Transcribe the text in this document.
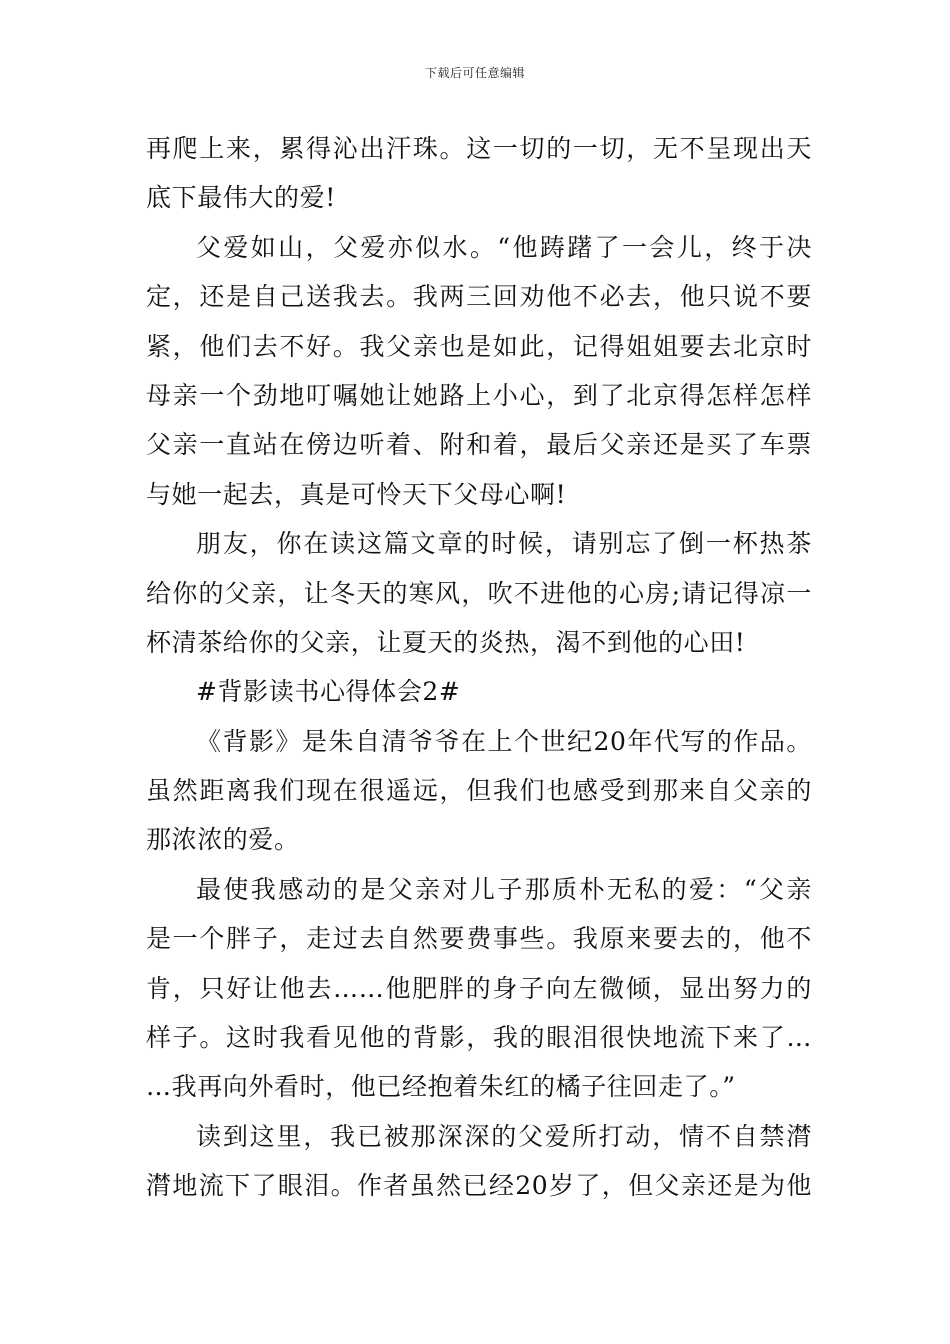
下载后可任意编辑
再爬上来，累得沁出汗珠。这一切的一切，无不呈现出天
底下最伟大的爱!
父爱如山，父爱亦似水。“他踌躇了一会儿，终于决
定，还是自己送我去。我两三回劝他不必去，他只说不要
紧，他们去不好。我父亲也是如此，记得姐姐要去北京时
母亲一个劲地叮嘱她让她路上小心，到了北京得怎样怎样
父亲一直站在傍边听着、附和着，最后父亲还是买了车票
与她一起去，真是可怜天下父母心啊!
朋友，你在读这篇文章的时候，请别忘了倒一杯热茶
给你的父亲，让冬天的寒风，吹不进他的心房;请记得凉一
杯清茶给你的父亲，让夏天的炎热，渴不到他的心田!
#背影读书心得体会2#
《背影》是朱自清爷爷在上个世纪20年代写的作品。
虽然距离我们现在很遥远，但我们也感受到那来自父亲的
那浓浓的爱。
最使我感动的是父亲对儿子那质朴无私的爱：“父亲
是一个胖子，走过去自然要费事些。我原来要去的，他不
肯，只好让他去……他肥胖的身子向左微倾，显出努力的
样子。这时我看见他的背影，我的眼泪很快地流下来了…
…我再向外看时，他已经抱着朱红的橘子往回走了。”
读到这里，我已被那深深的父爱所打动，情不自禁潸
潸地流下了眼泪。作者虽然已经20岁了，但父亲还是为他
